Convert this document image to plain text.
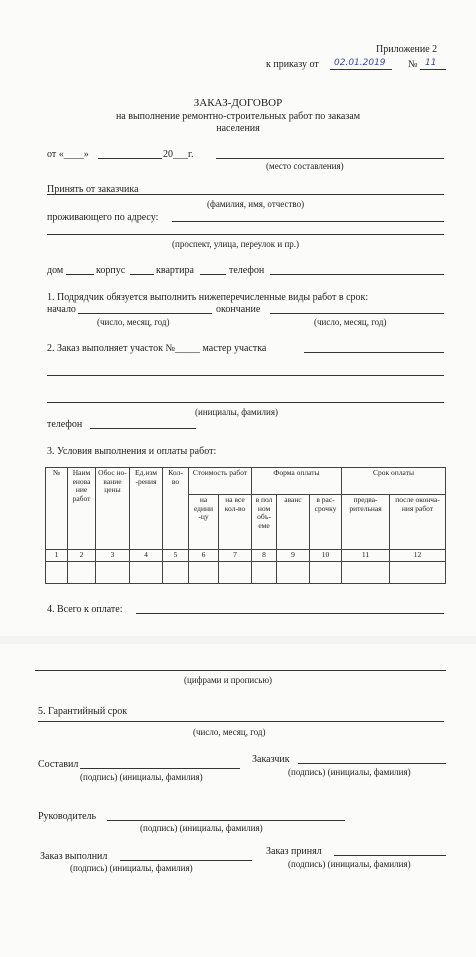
Приложение 2
к приказу от 02.01.2019 № 11
ЗАКАЗ-ДОГОВОР
на выполнение ремонтно-строительных работ по заказам
населения
от «____»	20___г.
(место составления)
Принять от заказчика
(фамилия, имя, отчество)
проживающего по адресу:
(проспект, улица, переулок и пр.)
дом	корпус	квартира	телефон
1. Подрядчик обязуется выполнить нижеперечисленные виды работ в срок:
начало	окончание
(число, месяц, год)	(число, месяц, год)
2. Заказ выполняет участок №_____ мастер участка
(инициалы, фамилия)
телефон
3. Условия выполнения и оплаты работ:
№	Наим енова ние работ	Обос но- вание цены	Ед.изм -рения	Кол- во	Стоимость работ		Форма оплаты			Срок оплаты	
					на едини -цу	на все кол-во	в пол ном объ- еме	аванс	в рас- срочку	предва- рительная	после оконча- ния работ
1	2	3	4	5	6	7	8	9	10	11	12

4. Всего к оплате:
(цифрами и прописью)
5. Гарантийный срок
(число, месяц, год)
Составил
(подпись) (инициалы, фамилия)
Заказчик
(подпись) (инициалы, фамилия)
Руководитель
(подпись) (инициалы, фамилия)
Заказ выполнил
(подпись) (инициалы, фамилия)
Заказ принял
(подпись) (инициалы, фамилия)
